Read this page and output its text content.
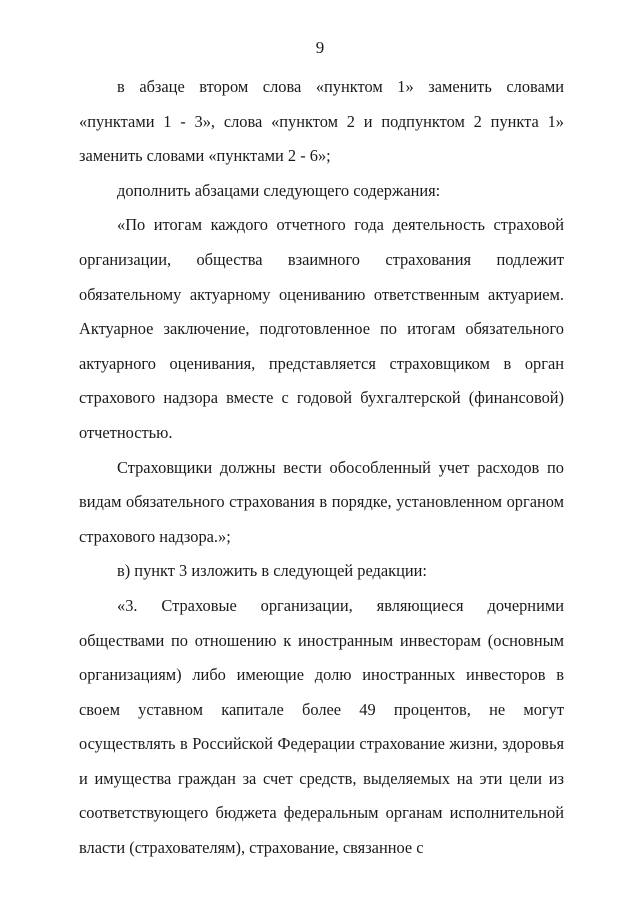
9

в абзаце втором слова «пунктом 1» заменить словами «пунктами 1 - 3», слова «пунктом 2 и подпунктом 2 пункта 1» заменить словами «пунктами 2 - 6»;

дополнить абзацами следующего содержания:

«По итогам каждого отчетного года деятельность страховой организации, общества взаимного страхования подлежит обязательному актуарному оцениванию ответственным актуарием. Актуарное заключение, подготовленное по итогам обязательного актуарного оценивания, представляется страховщиком в орган страхового надзора вместе с годовой бухгалтерской (финансовой) отчетностью.

Страховщики должны вести обособленный учет расходов по видам обязательного страхования в порядке, установленном органом страхового надзора.»;

в) пункт 3 изложить в следующей редакции:

«3. Страховые организации, являющиеся дочерними обществами по отношению к иностранным инвесторам (основным организациям) либо имеющие долю иностранных инвесторов в своем уставном капитале более 49 процентов, не могут осуществлять в Российской Федерации страхование жизни, здоровья и имущества граждан за счет средств, выделяемых на эти цели из соответствующего бюджета федеральным органам исполнительной власти (страхователям), страхование, связанное с
